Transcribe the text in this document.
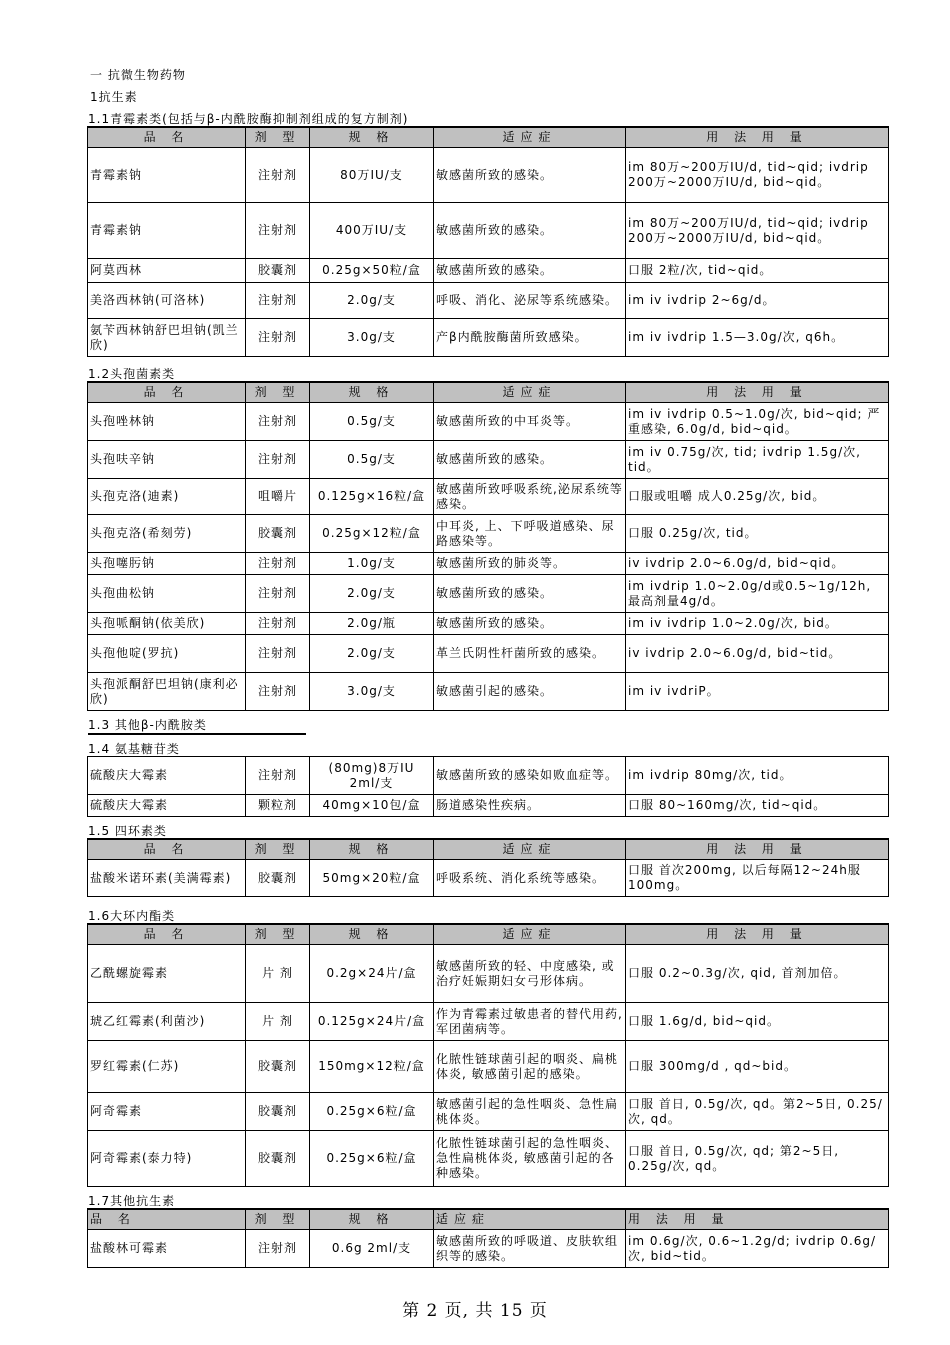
一 抗微生物药物
1抗生素
1.1青霉素类(包括与β-内酰胺酶抑制剂组成的复方制剂)
品 名	剂 型	规 格	适应症	用 法 用 量
青霉素钠	注射剂	80万IU/支	敏感菌所致的感染。	im 80万~200万IU/d, tid~qid; ivdrip 200万~2000万IU/d, bid~qid。
青霉素钠	注射剂	400万IU/支	敏感菌所致的感染。	im 80万~200万IU/d, tid~qid; ivdrip 200万~2000万IU/d, bid~qid。
阿莫西林	胶囊剂	0.25g×50粒/盒	敏感菌所致的感染。	口服 2粒/次, tid~qid。
美洛西林钠(可洛林)	注射剂	2.0g/支	呼吸、消化、泌尿等系统感染。	im iv ivdrip 2~6g/d。
氨苄西林钠舒巴坦钠(凯兰欣)	注射剂	3.0g/支	产β内酰胺酶菌所致感染。	im iv ivdrip 1.5—3.0g/次, q6h。
1.2头孢菌素类
品 名	剂 型	规 格	适应症	用 法 用 量
头孢唑林钠	注射剂	0.5g/支	敏感菌所致的中耳炎等。	im iv ivdrip 0.5~1.0g/次, bid~qid; 严重感染, 6.0g/d, bid~qid。
头孢呋辛钠	注射剂	0.5g/支	敏感菌所致的感染。	im iv 0.75g/次, tid; ivdrip 1.5g/次, tid。
头孢克洛(迪素)	咀嚼片	0.125g×16粒/盒	敏感菌所致呼吸系统,泌尿系统等感染。	口服或咀嚼 成人0.25g/次, bid。
头孢克洛(希刻劳)	胶囊剂	0.25g×12粒/盒	中耳炎, 上、下呼吸道感染、尿路感染等。	口服 0.25g/次, tid。
头孢噻肟钠	注射剂	1.0g/支	敏感菌所致的肺炎等。	iv ivdrip 2.0~6.0g/d, bid~qid。
头孢曲松钠	注射剂	2.0g/支	敏感菌所致的感染。	im ivdrip 1.0~2.0g/d或0.5~1g/12h, 最高剂量4g/d。
头孢哌酮钠(依美欣)	注射剂	2.0g/瓶	敏感菌所致的感染。	im iv ivdrip 1.0~2.0g/次, bid。
头孢他啶(罗抗)	注射剂	2.0g/支	革兰氏阴性杆菌所致的感染。	iv ivdrip 2.0~6.0g/d, bid~tid。
头孢派酮舒巴坦钠(康利必欣)	注射剂	3.0g/支	敏感菌引起的感染。	im iv ivdriP。
1.3 其他β-内酰胺类
1.4 氨基糖苷类
硫酸庆大霉素	注射剂	(80mg)8万IU 2ml/支	敏感菌所致的感染如败血症等。	im ivdrip 80mg/次, tid。
硫酸庆大霉素	颗粒剂	40mg×10包/盒	肠道感染性疾病。	口服 80~160mg/次, tid~qid。
1.5 四环素类
品 名	剂 型	规 格	适应症	用 法 用 量
盐酸米诺环素(美满霉素)	胶囊剂	50mg×20粒/盒	呼吸系统、消化系统等感染。	口服 首次200mg, 以后每隔12~24h服100mg。
1.6大环内酯类
品 名	剂 型	规 格	适应症	用 法 用 量
乙酰螺旋霉素	片 剂	0.2g×24片/盒	敏感菌所致的轻、中度感染, 或治疗妊娠期妇女弓形体病。	口服 0.2~0.3g/次, qid, 首剂加倍。
琥乙红霉素(利菌沙)	片 剂	0.125g×24片/盒	作为青霉素过敏患者的替代用药, 军团菌病等。	口服 1.6g/d, bid~qid。
罗红霉素(仁苏)	胶囊剂	150mg×12粒/盒	化脓性链球菌引起的咽炎、扁桃体炎, 敏感菌引起的感染。	口服 300mg/d , qd~bid。
阿奇霉素	胶囊剂	0.25g×6粒/盒	敏感菌引起的急性咽炎、急性扁桃体炎。	口服 首日, 0.5g/次, qd。第2~5日, 0.25/次, qd。
阿奇霉素(泰力特)	胶囊剂	0.25g×6粒/盒	化脓性链球菌引起的急性咽炎、急性扁桃体炎, 敏感菌引起的各种感染。	口服 首日, 0.5g/次, qd; 第2~5日, 0.25g/次, qd。
1.7其他抗生素
品 名	剂 型	规 格	适应症	用 法 用 量
盐酸林可霉素	注射剂	0.6g 2ml/支	敏感菌所致的呼吸道、皮肤软组织等的感染。	im 0.6g/次, 0.6~1.2g/d; ivdrip 0.6g/次, bid~tid。
第 2 页, 共 15 页
